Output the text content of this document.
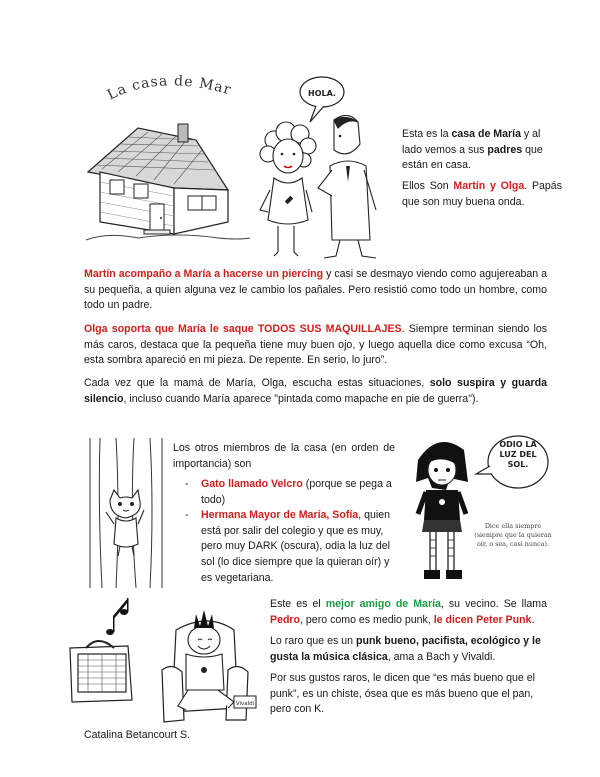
La casa de María
HOLA.
Esta es la casa de María y al lado vemos a sus padres que están en casa.
Ellos Son Martín y Olga. Papás que son muy buena onda.
Martín acompaño a María a hacerse un piercing y casi se desmayo viendo como agujereaban a su pequeña, a quien alguna vez le cambio los pañales. Pero resistió como todo un hombre, como todo un padre.
Olga soporta que María le saque TODOS SUS MAQUILLAJES. Siempre terminan siendo los más caros, destaca que la pequeña tiene muy buen ojo, y luego aquella dice como excusa “Oh, esta sombra apareció en mi pieza. De repente. En serio, lo juro”.
Cada vez que la mamá de María, Olga, escucha estas situaciones, solo suspira y guarda silencio, incluso cuando María aparece "pintada como mapache en pie de guerra").
Los otros miembros de la casa (en orden de importancia) son
- Gato llamado Velcro (porque se pega a todo)
- Hermana Mayor de María, Sofía, quien está por salir del colegio y que es muy, pero muy DARK (oscura), odia la luz del sol (lo dice siempre que la quieran oír) y es vegetariana.
ODIO LA LUZ DEL SOL.
Dice ella siempre (siempre que la quieran oír, o sea, casi nunca).
Vivaldi
Este es el mejor amigo de María, su vecino. Se llama Pedro, pero como es medio punk, le dicen Peter Punk.
Lo raro que es un punk bueno, pacifista, ecológico y le gusta la música clásica, ama a Bach y Vivaldi.
Por sus gustos raros, le dicen que “es más bueno que el punk”, es un chiste, ósea que es más bueno que el pan, pero con K.
Catalina Betancourt S.
